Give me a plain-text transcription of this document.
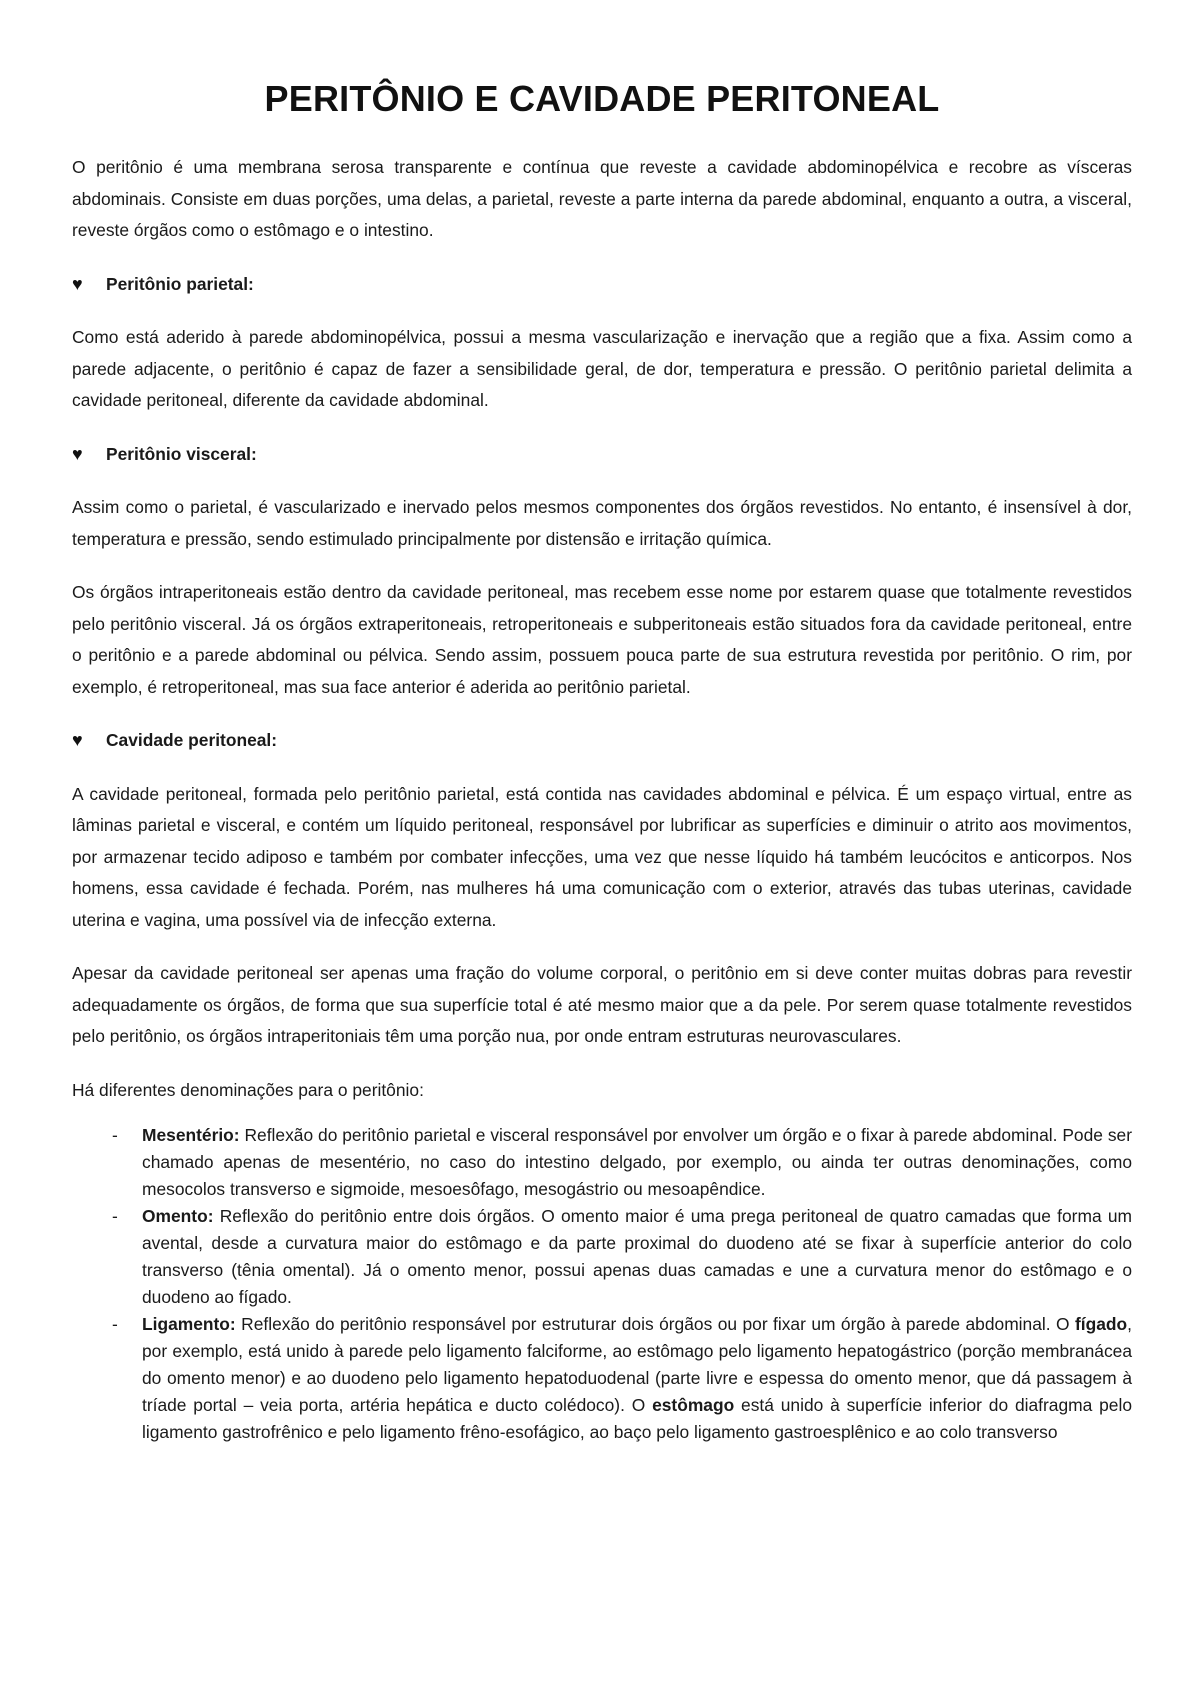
PERITÔNIO E CAVIDADE PERITONEAL

O peritônio é uma membrana serosa transparente e contínua que reveste a cavidade abdominopélvica e recobre as vísceras abdominais. Consiste em duas porções, uma delas, a parietal, reveste a parte interna da parede abdominal, enquanto a outra, a visceral, reveste órgãos como o estômago e o intestino.

♥	Peritônio parietal:

Como está aderido à parede abdominopélvica, possui a mesma vascularização e inervação que a região que a fixa. Assim como a parede adjacente, o peritônio é capaz de fazer a sensibilidade geral, de dor, temperatura e pressão. O peritônio parietal delimita a cavidade peritoneal, diferente da cavidade abdominal.

♥	Peritônio visceral:

Assim como o parietal, é vascularizado e inervado pelos mesmos componentes dos órgãos revestidos. No entanto, é insensível à dor, temperatura e pressão, sendo estimulado principalmente por distensão e irritação química.

Os órgãos intraperitoneais estão dentro da cavidade peritoneal, mas recebem esse nome por estarem quase que totalmente revestidos pelo peritônio visceral. Já os órgãos extraperitoneais, retroperitoneais e subperitoneais estão situados fora da cavidade peritoneal, entre o peritônio e a parede abdominal ou pélvica. Sendo assim, possuem pouca parte de sua estrutura revestida por peritônio. O rim, por exemplo, é retroperitoneal, mas sua face anterior é aderida ao peritônio parietal.

♥	Cavidade peritoneal:

A cavidade peritoneal, formada pelo peritônio parietal, está contida nas cavidades abdominal e pélvica. É um espaço virtual, entre as lâminas parietal e visceral, e contém um líquido peritoneal, responsável por lubrificar as superfícies e diminuir o atrito aos movimentos, por armazenar tecido adiposo e também por combater infecções, uma vez que nesse líquido há também leucócitos e anticorpos. Nos homens, essa cavidade é fechada. Porém, nas mulheres há uma comunicação com o exterior, através das tubas uterinas, cavidade uterina e vagina, uma possível via de infecção externa.

Apesar da cavidade peritoneal ser apenas uma fração do volume corporal, o peritônio em si deve conter muitas dobras para revestir adequadamente os órgãos, de forma que sua superfície total é até mesmo maior que a da pele. Por serem quase totalmente revestidos pelo peritônio, os órgãos intraperitoniais têm uma porção nua, por onde entram estruturas neurovasculares.

Há diferentes denominações para o peritônio:

- Mesentério: Reflexão do peritônio parietal e visceral responsável por envolver um órgão e o fixar à parede abdominal. Pode ser chamado apenas de mesentério, no caso do intestino delgado, por exemplo, ou ainda ter outras denominações, como mesocolos transverso e sigmoide, mesoesôfago, mesogástrio ou mesoapêndice.
- Omento: Reflexão do peritônio entre dois órgãos. O omento maior é uma prega peritoneal de quatro camadas que forma um avental, desde a curvatura maior do estômago e da parte proximal do duodeno até se fixar à superfície anterior do colo transverso (tênia omental). Já o omento menor, possui apenas duas camadas e une a curvatura menor do estômago e o duodeno ao fígado.
- Ligamento: Reflexão do peritônio responsável por estruturar dois órgãos ou por fixar um órgão à parede abdominal. O fígado, por exemplo, está unido à parede pelo ligamento falciforme, ao estômago pelo ligamento hepatogástrico (porção membranácea do omento menor) e ao duodeno pelo ligamento hepatoduodenal (parte livre e espessa do omento menor, que dá passagem à tríade portal – veia porta, artéria hepática e ducto colédoco). O estômago está unido à superfície inferior do diafragma pelo ligamento gastrofrênico e pelo ligamento frêno-esofágico, ao baço pelo ligamento gastroesplênico e ao colo transverso
